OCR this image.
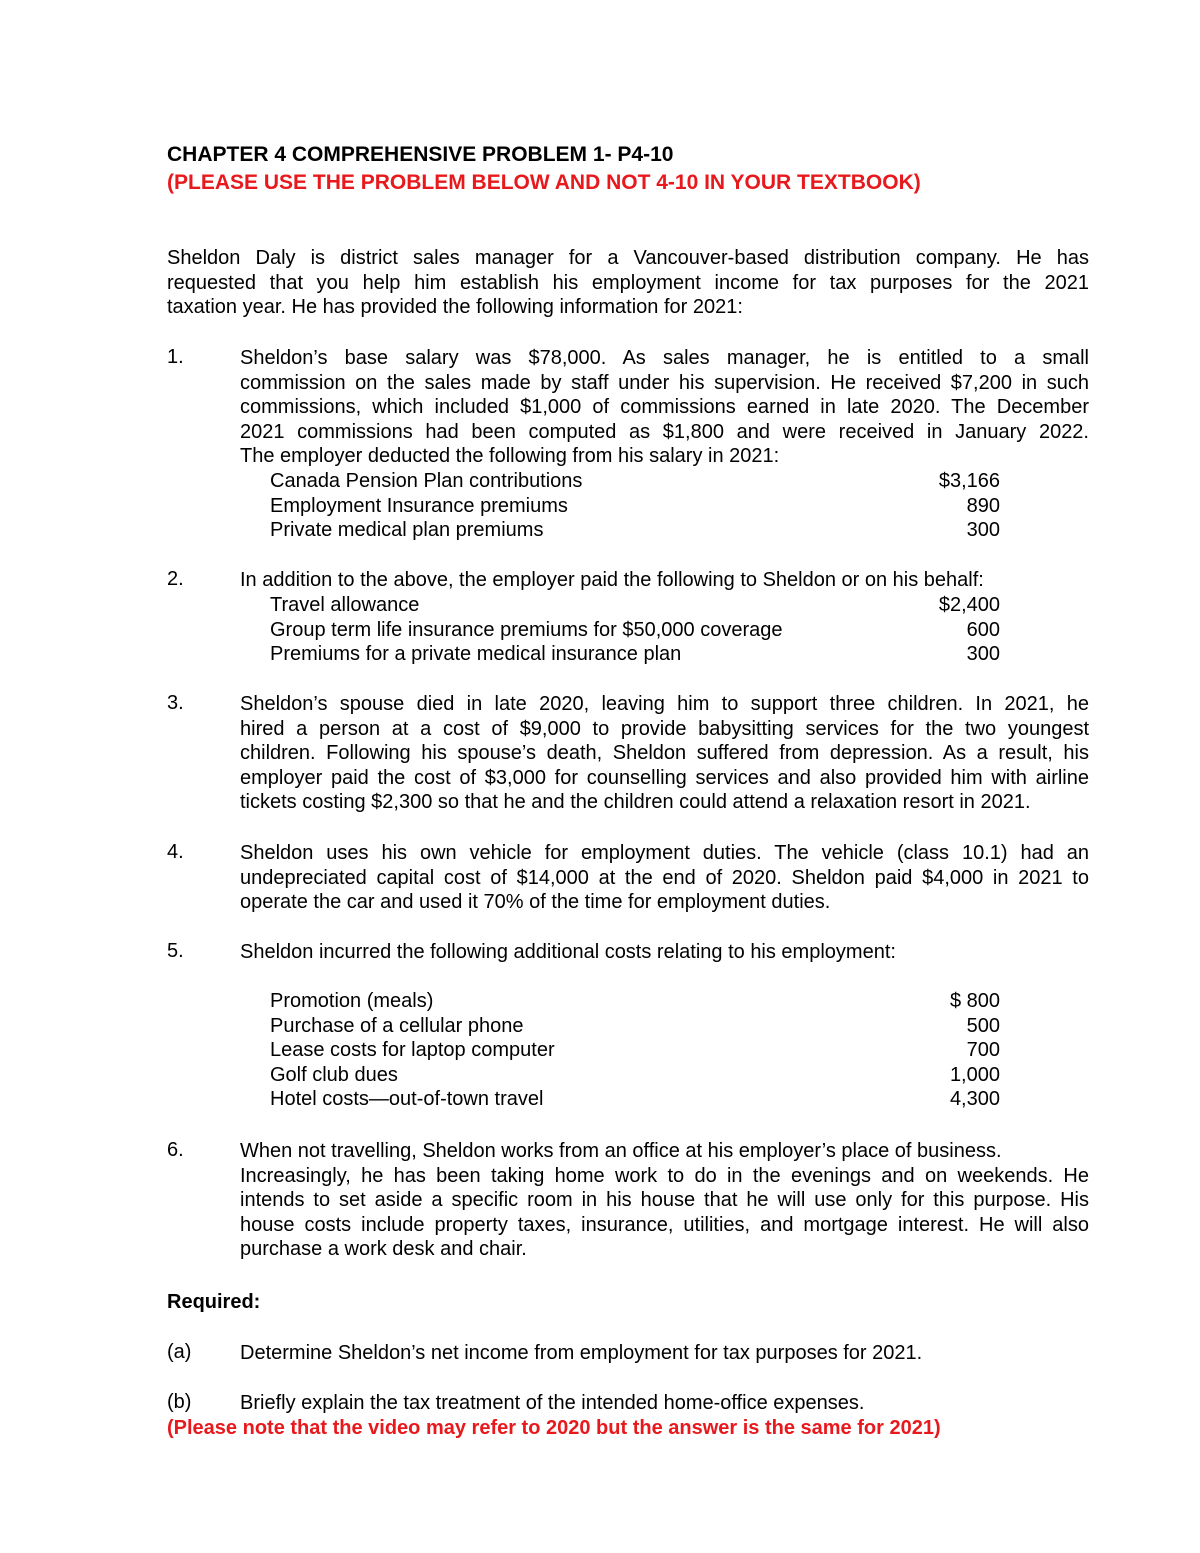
CHAPTER 4 COMPREHENSIVE PROBLEM 1- P4-10
(PLEASE USE THE PROBLEM BELOW AND NOT 4-10 IN YOUR TEXTBOOK)
Sheldon Daly is district sales manager for a Vancouver-based distribution company. He has
requested that you help him establish his employment income for tax purposes for the 2021
taxation year. He has provided the following information for 2021:
1.	Sheldon’s base salary was $78,000. As sales manager, he is entitled to a small
commission on the sales made by staff under his supervision. He received $7,200 in such
commissions, which included $1,000 of commissions earned in late 2020. The December
2021 commissions had been computed as $1,800 and were received in January 2022.
The employer deducted the following from his salary in 2021:
Canada Pension Plan contributions	$3,166
Employment Insurance premiums	890
Private medical plan premiums	300
2.	In addition to the above, the employer paid the following to Sheldon or on his behalf:
Travel allowance	$2,400
Group term life insurance premiums for $50,000 coverage	600
Premiums for a private medical insurance plan	300
3.	Sheldon’s spouse died in late 2020, leaving him to support three children. In 2021, he
hired a person at a cost of $9,000 to provide babysitting services for the two youngest
children. Following his spouse’s death, Sheldon suffered from depression. As a result, his
employer paid the cost of $3,000 for counselling services and also provided him with airline
tickets costing $2,300 so that he and the children could attend a relaxation resort in 2021.
4.	Sheldon uses his own vehicle for employment duties. The vehicle (class 10.1) had an
undepreciated capital cost of $14,000 at the end of 2020. Sheldon paid $4,000 in 2021 to
operate the car and used it 70% of the time for employment duties.
5.	Sheldon incurred the following additional costs relating to his employment:
Promotion (meals)	$ 800
Purchase of a cellular phone	500
Lease costs for laptop computer	700
Golf club dues	1,000
Hotel costs—out-of-town travel	4,300
6.	When not travelling, Sheldon works from an office at his employer’s place of business.
Increasingly, he has been taking home work to do in the evenings and on weekends. He
intends to set aside a specific room in his house that he will use only for this purpose. His
house costs include property taxes, insurance, utilities, and mortgage interest. He will also
purchase a work desk and chair.
Required:
(a) Determine Sheldon’s net income from employment for tax purposes for 2021.
(b) Briefly explain the tax treatment of the intended home-office expenses.
(Please note that the video may refer to 2020 but the answer is the same for 2021)
